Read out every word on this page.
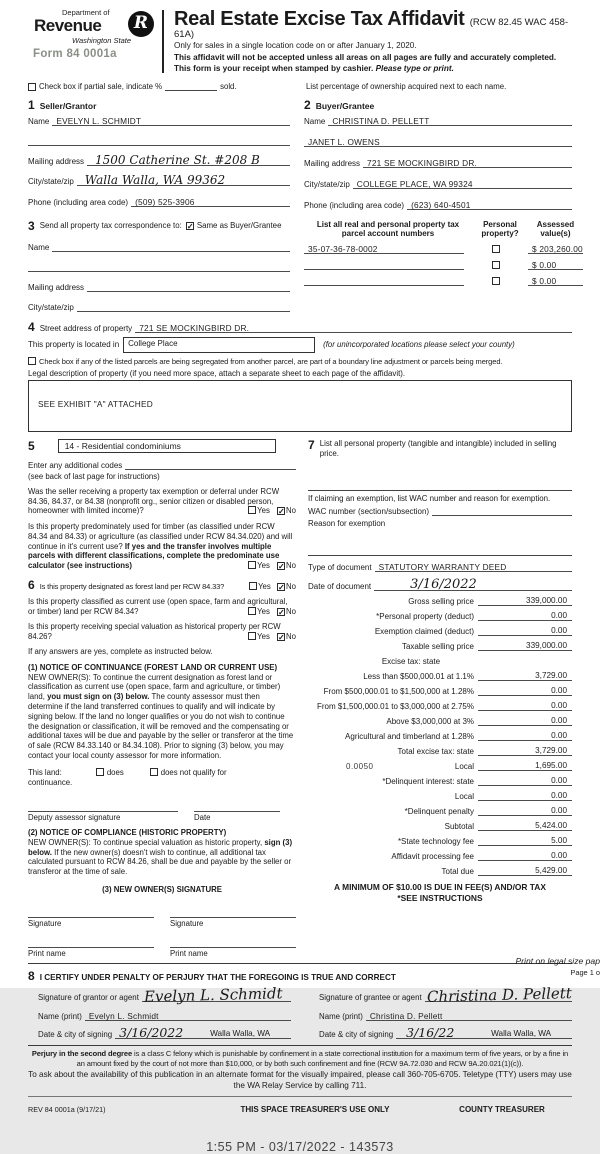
Department of
Revenue	R
Washington State
Form 84 0001a
Real Estate Excise Tax Affidavit (RCW 82.45 WAC 458-61A)
Only for sales in a single location code on or after January 1, 2020.
This affidavit will not be accepted unless all areas on all pages are fully and accurately completed.
This form is your receipt when stamped by cashier. Please type or print.
Check box if partial sale, indicate %	sold.	List percentage of ownership acquired next to each name.
1 Seller/Grantor
Name EVELYN L. SCHMIDT
Mailing address 1500 Catherine St. #208 B
City/state/zip Walla Walla, WA 99362
Phone (including area code) (509) 525-3906
2 Buyer/Grantee
Name CHRISTINA D. PELLETT
JANET L. OWENS
Mailing address 721 SE MOCKINGBIRD DR.
City/state/zip COLLEGE PLACE, WA 99324
Phone (including area code) (623) 640-4501
3 Send all property tax correspondence to: ✓ Same as Buyer/Grantee
Name
Mailing address
City/state/zip
List all real and personal property tax parcel account numbers
Personal property?
Assessed value(s)
35-07-36-78-0002	$ 203,260.00
$ 0.00
$ 0.00
4 Street address of property 721 SE MOCKINGBIRD DR.
This property is located in	College Place	(for unincorporated locations please select your county)
Check box if any of the listed parcels are being segregated from another parcel, are part of a boundary line adjustment or parcels being merged.
Legal description of property (if you need more space, attach a separate sheet to each page of the affidavit).
SEE EXHIBIT "A" ATTACHED
5	14 - Residential condominiums
Enter any additional codes
(see back of last page for instructions)
Was the seller receiving a property tax exemption or deferral under RCW 84.36, 84.37, or 84.38 (nonprofit org., senior citizen or disabled person, homeowner with limited income)?	Yes ✓No
Is this property predominately used for timber (as classified under RCW 84.34 and 84.33) or agriculture (as classified under RCW 84.34.020) and will continue in it's current use? If yes and the transfer involves multiple parcels with different classifications, complete the predominate use calculator (see instructions)	Yes ✓No
6 Is this property designated as forest land per RCW 84.33?	Yes ✓No
Is this property classified as current use (open space, farm and agricultural, or timber) land per RCW 84.34?	Yes ✓No
Is this property receiving special valuation as historical property per RCW 84.26?	Yes ✓No
If any answers are yes, complete as instructed below.
(1) NOTICE OF CONTINUANCE (FOREST LAND OR CURRENT USE)
NEW OWNER(S): To continue the current designation as forest land or classification as current use (open space, farm and agriculture, or timber) land, you must sign on (3) below. The county assessor must then determine if the land transferred continues to qualify and will indicate by signing below. If the land no longer qualifies or you do not wish to continue the designation or classification, it will be removed and the compensating or additional taxes will be due and payable by the seller or transferor at the time of sale (RCW 84.33.140 or 84.34.108). Prior to signing (3) below, you may contact your local county assessor for more information.
This land:	does	does not qualify for
continuance.
Deputy assessor signature	Date
(2) NOTICE OF COMPLIANCE (HISTORIC PROPERTY)
NEW OWNER(S): To continue special valuation as historic property, sign (3) below. If the new owner(s) doesn't wish to continue, all additional tax calculated pursuant to RCW 84.26, shall be due and payable by the seller or transferor at the time of sale.
(3) NEW OWNER(S) SIGNATURE
Signature	Signature
Print name	Print name
7 List all personal property (tangible and intangible) included in selling price.
If claiming an exemption, list WAC number and reason for exemption.
WAC number (section/subsection)
Reason for exemption
Type of document STATUTORY WARRANTY DEED
Date of document	3/16/2022
Gross selling price	339,000.00
*Personal property (deduct)	0.00
Exemption claimed (deduct)	0.00
Taxable selling price	339,000.00
Excise tax: state
Less than $500,000.01 at 1.1%	3,729.00
From $500,000.01 to $1,500,000 at 1.28%	0.00
From $1,500,000.01 to $3,000,000 at 2.75%	0.00
Above $3,000,000 at 3%	0.00
Agricultural and timberland at 1.28%	0.00
Total excise tax: state	3,729.00
0.0050	Local	1,695.00
*Delinquent interest: state	0.00
Local	0.00
*Delinquent penalty	0.00
Subtotal	5,424.00
*State technology fee	5.00
Affidavit processing fee	0.00
Total due	5,429.00
A MINIMUM OF $10.00 IS DUE IN FEE(S) AND/OR TAX
*SEE INSTRUCTIONS
8 I CERTIFY UNDER PENALTY OF PERJURY THAT THE FOREGOING IS TRUE AND CORRECT
Signature of grantor or agent Evelyn L. Schmidt
Name (print) Evelyn L. Schmidt
Date & city of signing 3/16/2022	Walla Walla, WA
Signature of grantee or agent Christina D. Pellett
Name (print) Christina D. Pellett
Date & city of signing 3/16/22	Walla Walla, WA
Perjury in the second degree is a class C felony which is punishable by confinement in a state correctional institution for a maximum term of five years, or by a fine in an amount fixed by the court of not more than $10,000, or by both such confinement and fine (RCW 9A.72.030 and RCW 9A.20.021(1)(c)).
To ask about the availability of this publication in an alternate format for the visually impaired, please call 360-705-6705. Teletype (TTY) users may use the WA Relay Service by calling 711.
REV 84 0001a (9/17/21)	THIS SPACE TREASURER'S USE ONLY	COUNTY TREASURER
1:55 PM - 03/17/2022 - 143573
Print on legal size pap
Page 1 o
